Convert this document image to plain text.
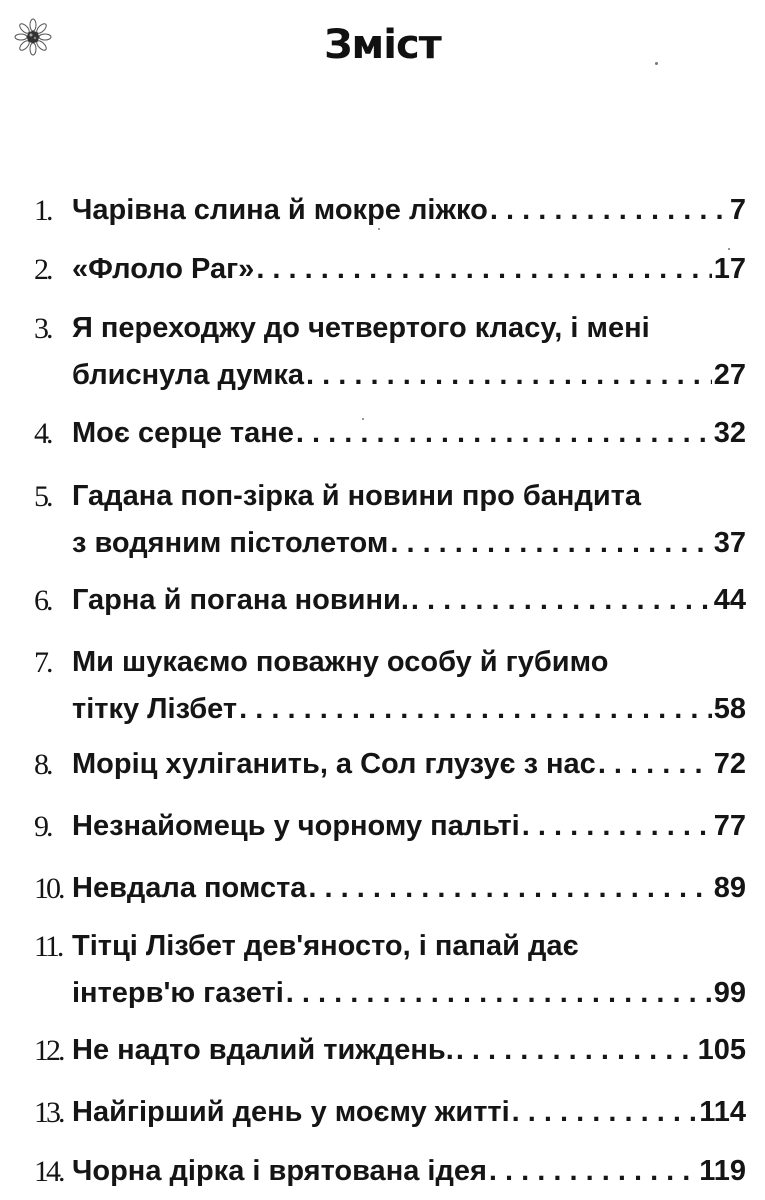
Зміст
1. Чарівна слина й мокре ліжко . . .	7
2. «Флоло Раг» . . .	17
3. Я переходжу до четвертого класу, і мені
блиснула думка . . .	27
4. Моє серце тане . . .	32
5. Гадана поп-зірка й новини про бандита
з водяним пістолетом . . .	37
6. Гарна й погана новини. . . .	44
7. Ми шукаємо поважну особу й губимо
тітку Лізбет . . .	58
8. Моріц хуліганить, а Сол глузує з нас . . .	72
9. Незнайомець у чорному пальті . . .	77
10. Невдала помста . . .	89
11. Тітці Лізбет дев'яносто, і папай дає
інтерв'ю газеті . . .	99
12. Не надто вдалий тиждень. . . .	105
13. Найгірший день у моєму житті . . .	114
14. Чорна дірка і врятована ідея . . .	119
